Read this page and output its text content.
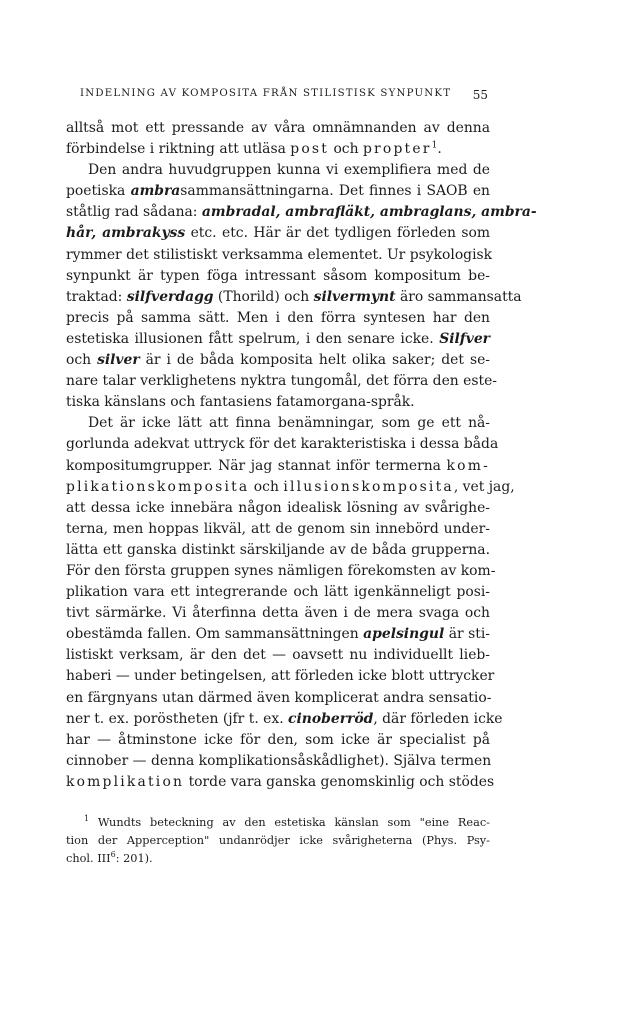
INDELNING AV KOMPOSITA FRÅN STILISTISK SYNPUNKT 55
alltså mot ett pressande av våra omnämnanden av denna
förbindelse i riktning att utläsa post och propter$^1$.
Den andra huvudgruppen kunna vi exemplifiera med de
poetiska ambrasammansättningarna. Det finnes i SAOB en
ståtlig rad sådana: ambradal, ambrafläkt, ambraglans, ambra-
hår, ambrakyss etc. etc. Här är det tydligen förleden som
rymmer det stilistiskt verksamma elementet. Ur psykologisk
synpunkt är typen föga intressant såsom kompositum be-
traktad: silfverdagg (Thorild) och silvermynt äro sammansatta
precis på samma sätt. Men i den förra syntesen har den
estetiska illusionen fått spelrum, i den senare icke. Silfver
och silver är i de båda komposita helt olika saker; det se-
nare talar verklighetens nyktra tungomål, det förra den este-
tiska känslans och fantasiens fatamorgana-språk.
Det är icke lätt att finna benämningar, som ge ett nå-
gorlunda adekvat uttryck för det karakteristiska i dessa båda
kompositumgrupper. När jag stannat inför termerna kom-
plikationskomposita och illusionskomposita, vet jag,
att dessa icke innebära någon idealisk lösning av svårighe-
terna, men hoppas likväl, att de genom sin innebörd under-
lätta ett ganska distinkt särskiljande av de båda grupperna.
För den första gruppen synes nämligen förekomsten av kom-
plikation vara ett integrerande och lätt igenkänneligt posi-
tivt särmärke. Vi återfinna detta även i de mera svaga och
obestämda fallen. Om sammansättningen apelsingul är sti-
listiskt verksam, är den det — oavsett nu individuellt lieb-
haberi — under betingelsen, att förleden icke blott uttrycker
en färgnyans utan därmed även komplicerat andra sensatio-
ner t. ex. poröstheten (jfr t. ex. cinoberröd, där förleden icke
har — åtminstone icke för den, som icke är specialist på
cinnober — denna komplikationsåskådlighet). Själva termen
komplikation torde vara ganska genomskinlig och stödes
$^1$ Wundts beteckning av den estetiska känslan som "eine Reac-
tion der Apperception" undanrödjer icke svårigheterna (Phys. Psy-
chol. III$^6$: 201).
